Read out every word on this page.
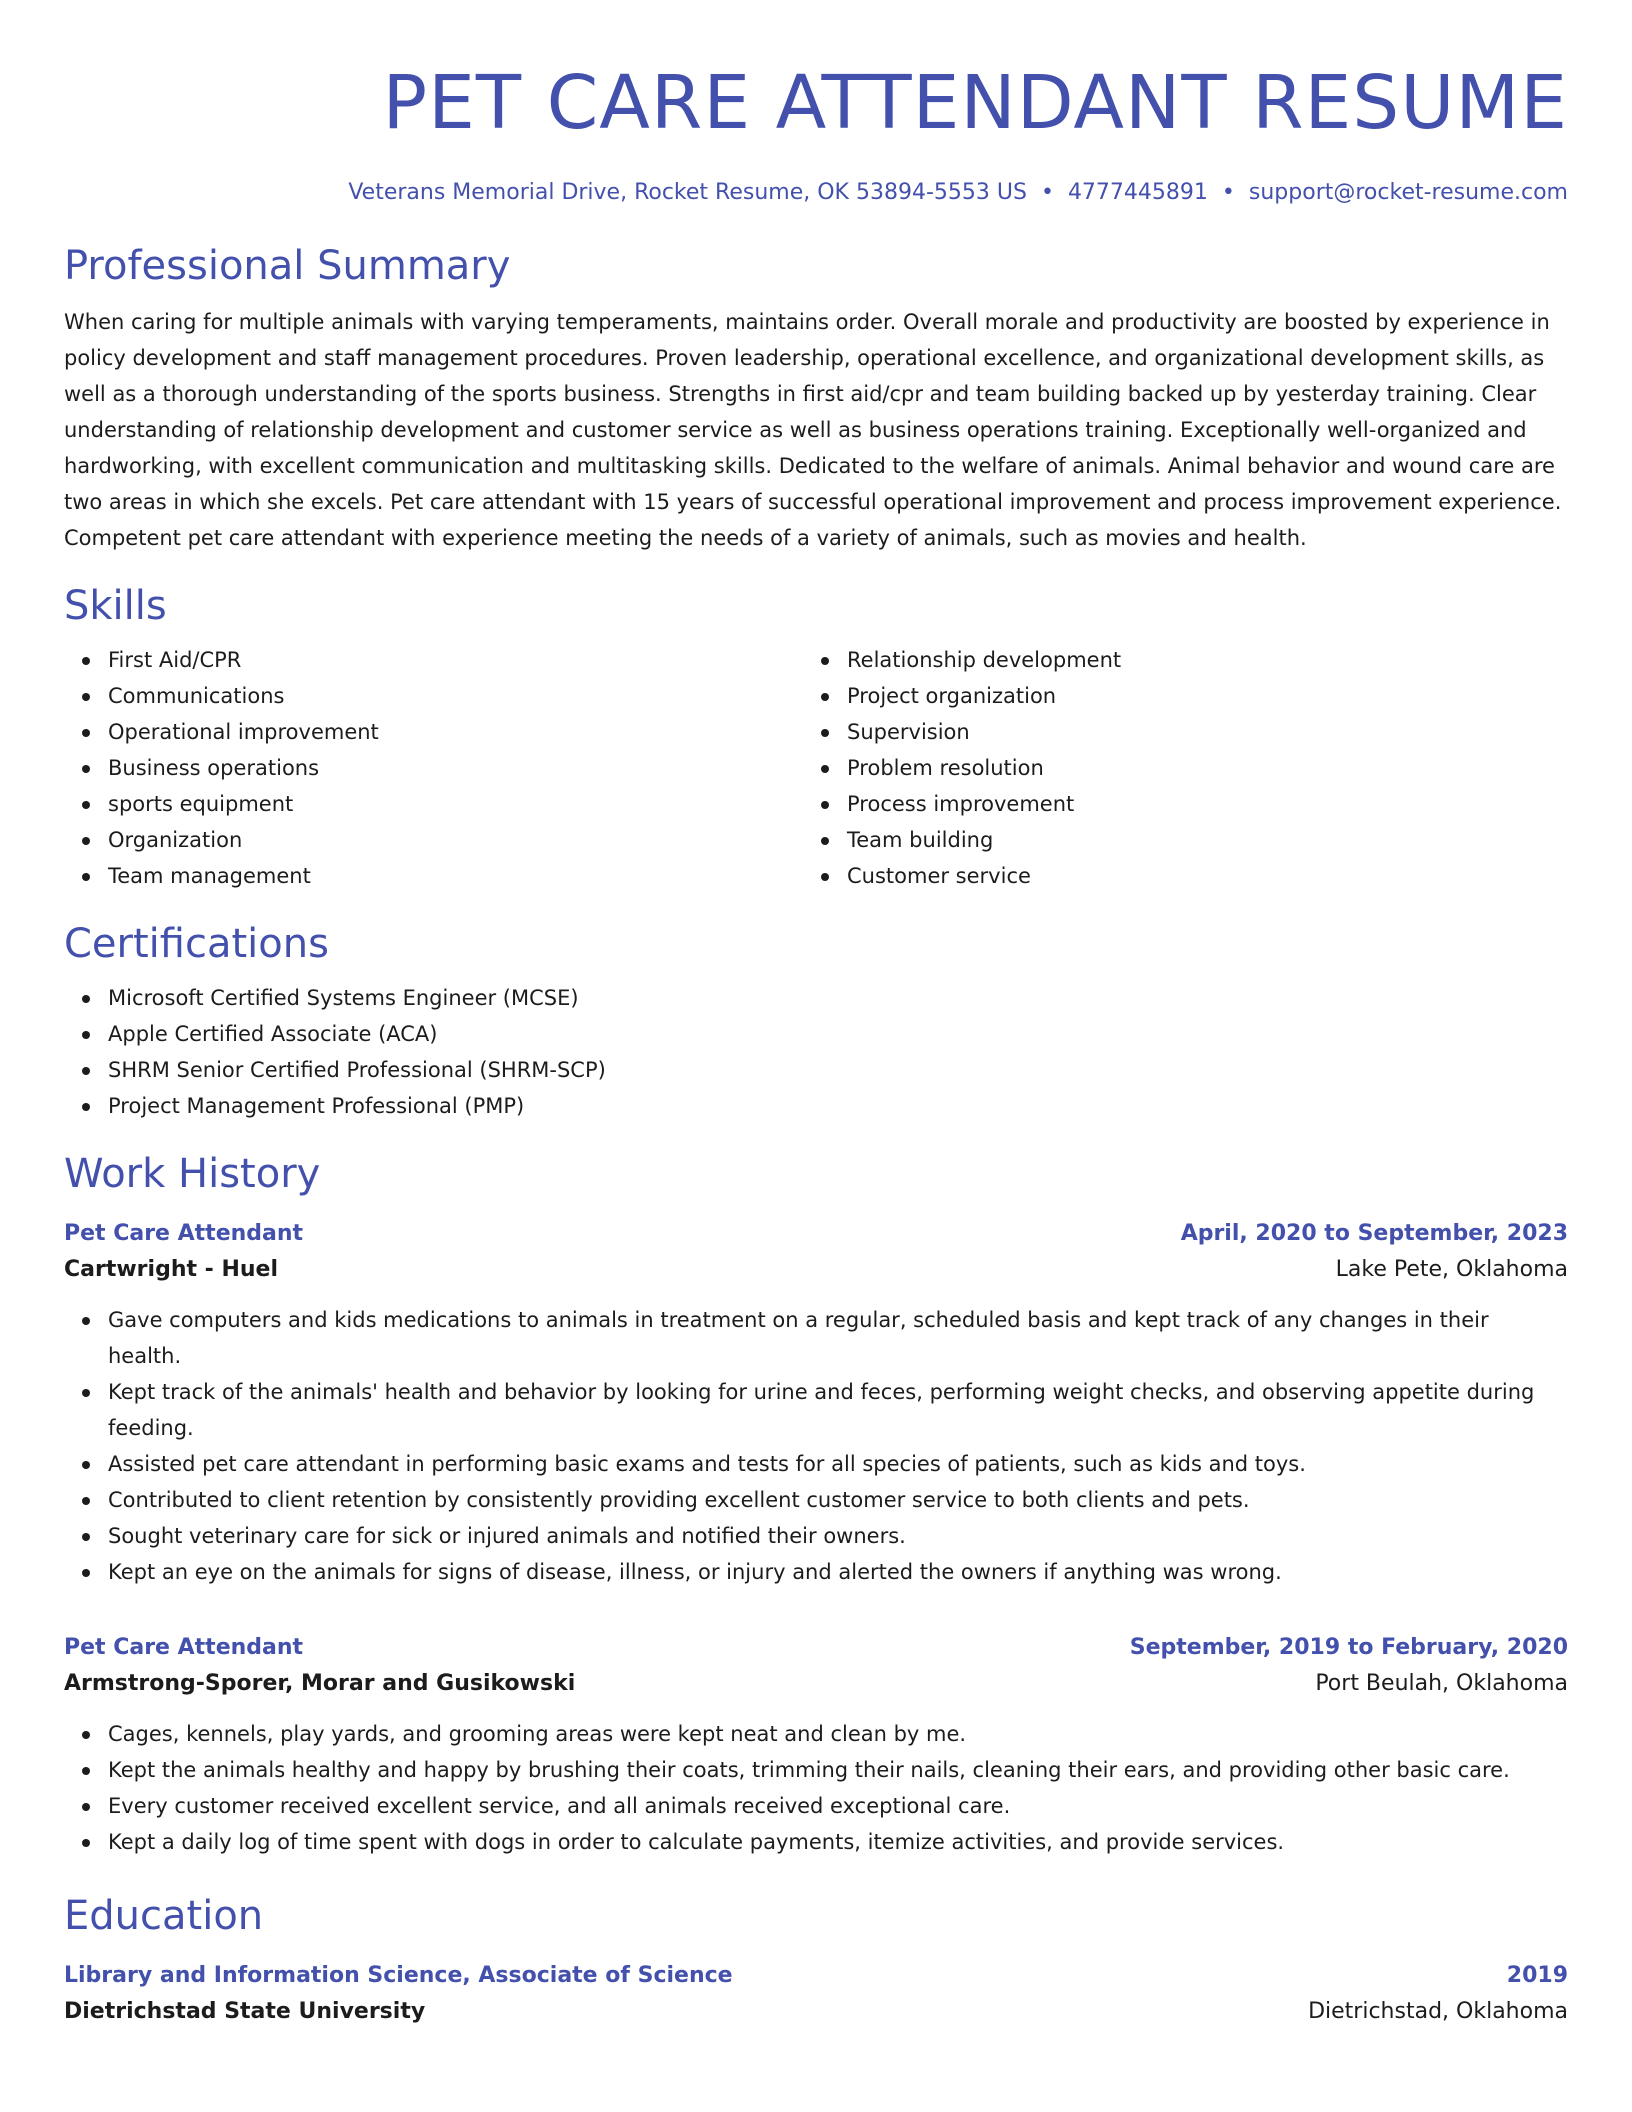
PET CARE ATTENDANT RESUME
Veterans Memorial Drive, Rocket Resume, OK 53894-5553 US • 4777445891 • support@rocket-resume.com
Professional Summary

When caring for multiple animals with varying temperaments, maintains order. Overall morale and productivity are boosted by experience in policy development and staff management procedures. Proven leadership, operational excellence, and organizational development skills, as well as a thorough understanding of the sports business. Strengths in first aid/cpr and team building backed up by yesterday training. Clear understanding of relationship development and customer service as well as business operations training. Exceptionally well-organized and hardworking, with excellent communication and multitasking skills. Dedicated to the welfare of animals. Animal behavior and wound care are two areas in which she excels. Pet care attendant with 15 years of successful operational improvement and process improvement experience. Competent pet care attendant with experience meeting the needs of a variety of animals, such as movies and health.

Skills
First Aid/CPR
Communications
Operational improvement
Business operations
sports equipment
Organization
Team management
Relationship development
Project organization
Supervision
Problem resolution
Process improvement
Team building
Customer service
Certifications
Microsoft Certified Systems Engineer (MCSE)
Apple Certified Associate (ACA)
SHRM Senior Certified Professional (SHRM-SCP)
Project Management Professional (PMP)
Work History
Pet Care Attendant	April, 2020 to September, 2023
Cartwright - Huel	Lake Pete, Oklahoma
Gave computers and kids medications to animals in treatment on a regular, scheduled basis and kept track of any changes in their health.
Kept track of the animals' health and behavior by looking for urine and feces, performing weight checks, and observing appetite during feeding.
Assisted pet care attendant in performing basic exams and tests for all species of patients, such as kids and toys.
Contributed to client retention by consistently providing excellent customer service to both clients and pets.
Sought veterinary care for sick or injured animals and notified their owners.
Kept an eye on the animals for signs of disease, illness, or injury and alerted the owners if anything was wrong.
Pet Care Attendant	September, 2019 to February, 2020
Armstrong-Sporer, Morar and Gusikowski	Port Beulah, Oklahoma
Cages, kennels, play yards, and grooming areas were kept neat and clean by me.
Kept the animals healthy and happy by brushing their coats, trimming their nails, cleaning their ears, and providing other basic care.
Every customer received excellent service, and all animals received exceptional care.
Kept a daily log of time spent with dogs in order to calculate payments, itemize activities, and provide services.
Education
Library and Information Science, Associate of Science	2019
Dietrichstad State University	Dietrichstad, Oklahoma
